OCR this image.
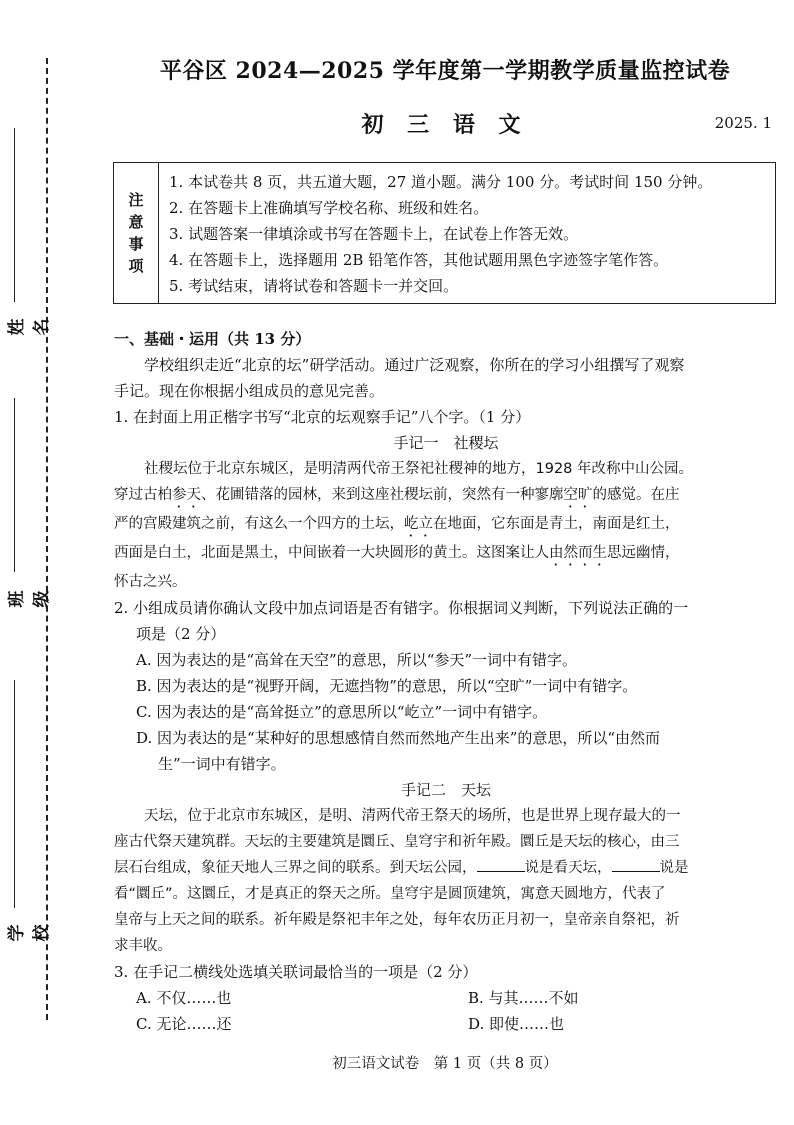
姓名
班级
学校
平谷区 2024—2025 学年度第一学期教学质量监控试卷
初 三 语 文	2025. 1
注
意
事
项
1. 本试卷共 8 页，共五道大题，27 道小题。满分 100 分。考试时间 150 分钟。
2. 在答题卡上准确填写学校名称、班级和姓名。
3. 试题答案一律填涂或书写在答题卡上，在试卷上作答无效。
4. 在答题卡上，选择题用 2B 铅笔作答，其他试题用黑色字迹签字笔作答。
5. 考试结束，请将试卷和答题卡一并交回。
一、基础・运用（共 13 分）
学校组织走近“北京的坛”研学活动。通过广泛观察，你所在的学习小组撰写了观察
手记。现在你根据小组成员的意见完善。
1. 在封面上用正楷字书写“北京的坛观察手记”八个字。（1 分）
手记一　社稷坛
社稷坛位于北京东城区，是明清两代帝王祭祀社稷神的地方，1928 年改称中山公园。
穿过古柏参天、花圃错落的园林，来到这座社稷坛前，突然有一种寥廓空旷的感觉。在庄
严的宫殿建筑之前，有这么一个四方的土坛，屹立在地面，它东面是青土，南面是红土，
西面是白土，北面是黑土，中间嵌着一大块圆形的黄土。这图案让人由然而生思远幽情，
怀古之兴。
2. 小组成员请你确认文段中加点词语是否有错字。你根据词义判断，下列说法正确的一
项是（2 分）
A. 因为表达的是“高耸在天空”的意思，所以“参天”一词中有错字。
B. 因为表达的是“视野开阔，无遮挡物”的意思，所以“空旷”一词中有错字。
C. 因为表达的是“高耸挺立”的意思所以“屹立”一词中有错字。
D. 因为表达的是“某种好的思想感情自然而然地产生出来”的意思，所以“由然而
生”一词中有错字。
手记二　天坛
天坛，位于北京市东城区，是明、清两代帝王祭天的场所，也是世界上现存最大的一
座古代祭天建筑群。天坛的主要建筑是圜丘、皇穹宇和祈年殿。圜丘是天坛的核心，由三
层石台组成，象征天地人三界之间的联系。到天坛公园，	说是看天坛，	说是
看“圜丘”。这圜丘，才是真正的祭天之所。皇穹宇是圆顶建筑，寓意天圆地方，代表了
皇帝与上天之间的联系。祈年殿是祭祀丰年之处，每年农历正月初一，皇帝亲自祭祀，祈
求丰收。
3. 在手记二横线处选填关联词最恰当的一项是（2 分）
A. 不仅……也	B. 与其……不如
C. 无论……还	D. 即使……也
初三语文试卷　第 1 页（共 8 页）
